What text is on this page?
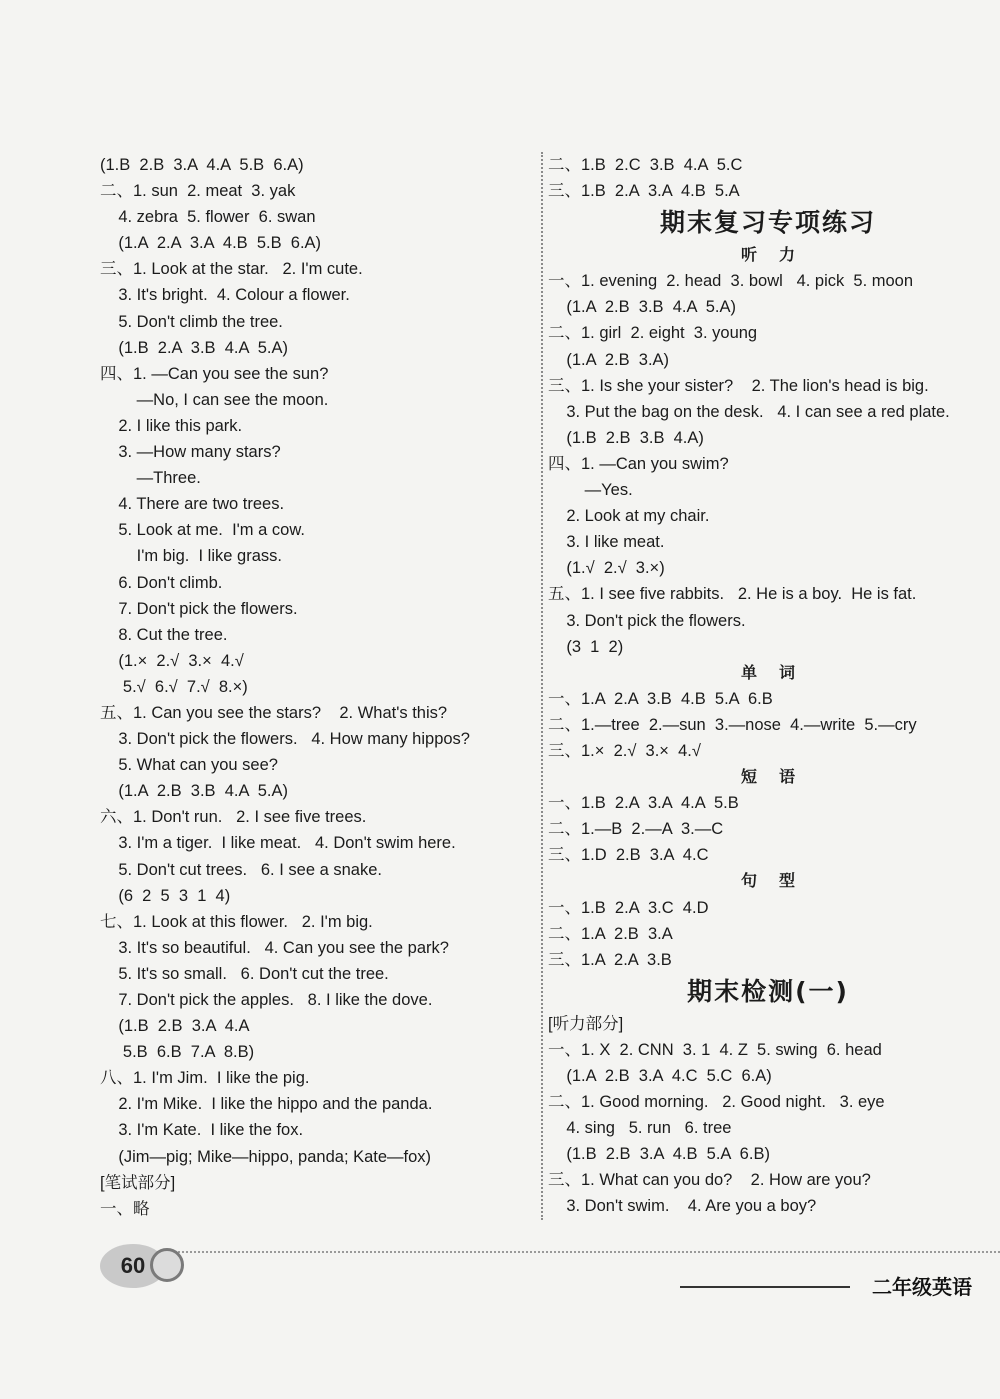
(1.B  2.B  3.A  4.A  5.B  6.A)
二、1. sun  2. meat  3. yak
4. zebra  5. flower  6. swan
(1.A  2.A  3.A  4.B  5.B  6.A)
三、1. Look at the star.   2. I'm cute.
3. It's bright.  4. Colour a flower.
5. Don't climb the tree.
(1.B  2.A  3.B  4.A  5.A)
四、1. —Can you see the sun?
—No, I can see the moon.
2. I like this park.
3. —How many stars?
—Three.
4. There are two trees.
5. Look at me.  I'm a cow.
I'm big.  I like grass.
6. Don't climb.
7. Don't pick the flowers.
8. Cut the tree.
(1.×  2.√  3.×  4.√
5.√  6.√  7.√  8.×)
五、1. Can you see the stars?    2. What's this?
3. Don't pick the flowers.   4. How many hippos?
5. What can you see?
(1.A  2.B  3.B  4.A  5.A)
六、1. Don't run.   2. I see five trees.
3. I'm a tiger.  I like meat.   4. Don't swim here.
5. Don't cut trees.   6. I see a snake.
(6  2  5  3  1  4)
七、1. Look at this flower.   2. I'm big.
3. It's so beautiful.   4. Can you see the park?
5. It's so small.   6. Don't cut the tree.
7. Don't pick the apples.   8. I like the dove.
(1.B  2.B  3.A  4.A
5.B  6.B  7.A  8.B)
八、1. I'm Jim.  I like the pig.
2. I'm Mike.  I like the hippo and the panda.
3. I'm Kate.  I like the fox.
(Jim—pig; Mike—hippo, panda; Kate—fox)
[笔试部分]
一、略
二、1.B  2.C  3.B  4.A  5.C
三、1.B  2.A  3.A  4.B  5.A
期末复习专项练习
听力
一、1. evening  2. head  3. bowl   4. pick  5. moon
(1.A  2.B  3.B  4.A  5.A)
二、1. girl  2. eight  3. young
(1.A  2.B  3.A)
三、1. Is she your sister?    2. The lion's head is big.
3. Put the bag on the desk.   4. I can see a red plate.
(1.B  2.B  3.B  4.A)
四、1. —Can you swim?
—Yes.
2. Look at my chair.
3. I like meat.
(1.√  2.√  3.×)
五、1. I see five rabbits.   2. He is a boy.  He is fat.
3. Don't pick the flowers.
(3  1  2)
单词
一、1.A  2.A  3.B  4.B  5.A  6.B
二、1.—tree  2.—sun  3.—nose  4.—write  5.—cry
三、1.×  2.√  3.×  4.√
短语
一、1.B  2.A  3.A  4.A  5.B
二、1.—B  2.—A  3.—C
三、1.D  2.B  3.A  4.C
句型
一、1.B  2.A  3.C  4.D
二、1.A  2.B  3.A
三、1.A  2.A  3.B
期末检测(一)
[听力部分]
一、1. X  2. CNN  3. 1  4. Z  5. swing  6. head
(1.A  2.B  3.A  4.C  5.C  6.A)
二、1. Good morning.   2. Good night.   3. eye
4. sing   5. run   6. tree
(1.B  2.B  3.A  4.B  5.A  6.B)
三、1. What can you do?    2. How are you?
3. Don't swim.    4. Are you a boy?
60
二年级英语
